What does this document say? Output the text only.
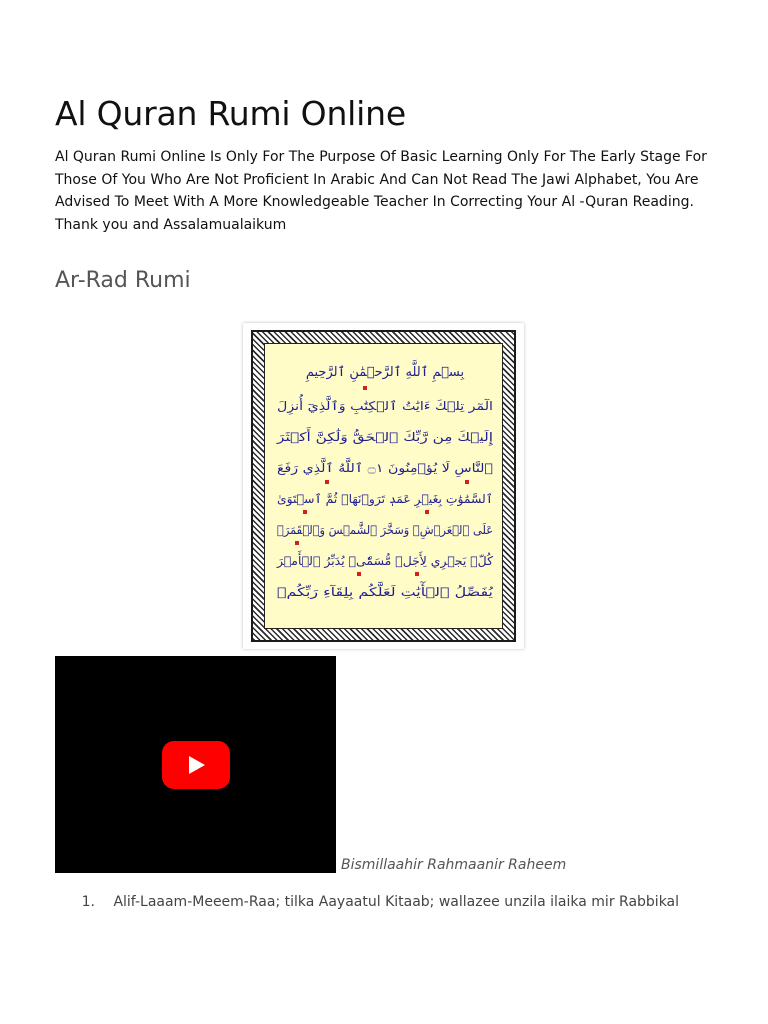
Al Quran Rumi Online

Al Quran Rumi Online Is Only For The Purpose Of Basic Learning Only For The Early Stage For Those Of You Who Are Not Proficient In Arabic And Can Not Read The Jawi Alphabet, You Are Advised To Meet With A More Knowledgeable Teacher In Correcting Your Al -Quran Reading. Thank you and Assalamualaikum

Ar-Rad Rumi
بِسۡمِ ٱللَّهِ ٱلرَّحۡمَٰنِ ٱلرَّحِيمِ
الٓمٓر تِلۡكَ ءَايَٰتُ ٱلۡكِتَٰبِ وَٱلَّذِيٓ أُنزِلَ
إِلَيۡكَ مِن رَّبِّكَ ٱلۡحَقُّ وَلَٰكِنَّ أَكۡثَرَ
ٱلنَّاسِ لَا يُؤۡمِنُونَ ۝١ ٱللَّهُ ٱلَّذِي رَفَعَ
ٱلسَّمَٰوَٰتِ بِغَيۡرِ عَمَدٖ تَرَوۡنَهَاۖ ثُمَّ ٱسۡتَوَىٰ
عَلَى ٱلۡعَرۡشِۖ وَسَخَّرَ ٱلشَّمۡسَ وَٱلۡقَمَرَۖ
كُلّٞ يَجۡرِي لِأَجَلٖ مُّسَمّٗىۚ يُدَبِّرُ ٱلۡأَمۡرَ
يُفَصِّلُ ٱلۡأٓيَٰتِ لَعَلَّكُم بِلِقَآءِ رَبِّكُمۡ
Bismillaahir Rahmaanir Raheem
1. Alif-Laaam-Meeem-Raa; tilka Aayaatul Kitaab; wallazee unzila ilaika mir Rabbikal
